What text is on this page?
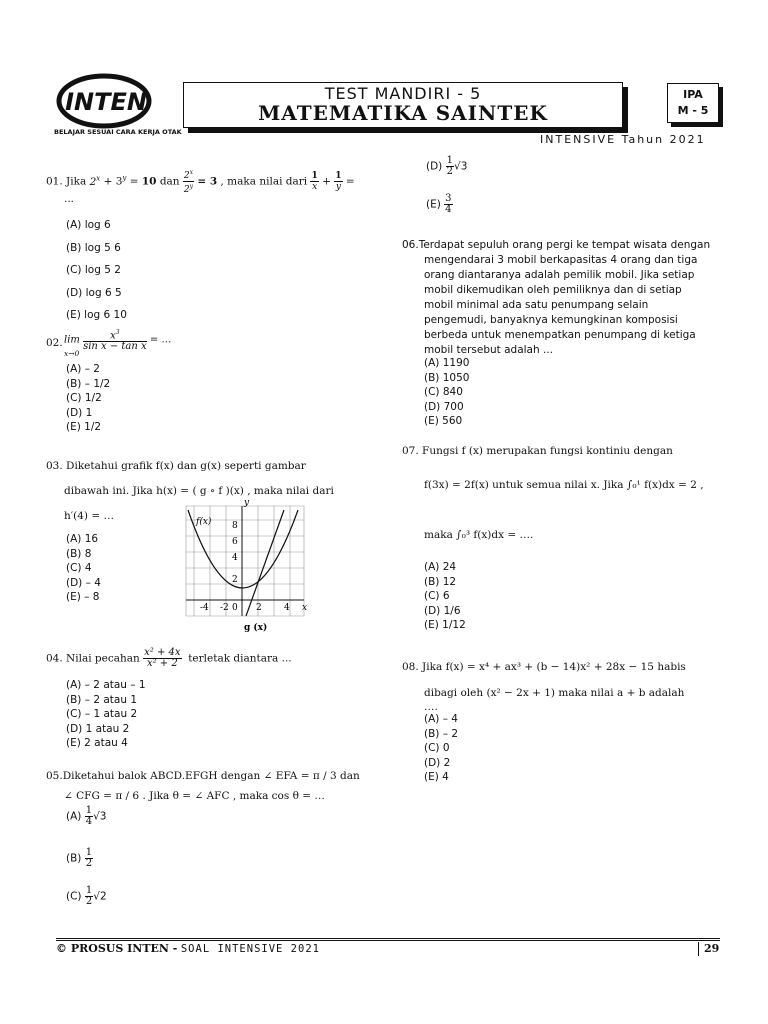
INTEN
BELAJAR SESUAI CARA KERJA OTAK
TEST MANDIRI - 5
MATEMATIKA SAINTEK
IPA
M - 5
INTENSIVE Tahun 2021
01. Jika $2^x + 3^y = 10$ dan $\frac{2^x}{2^y} = 3$ , maka nilai dari $\frac{1}{x} + \frac{1}{y}$ =
...
(A) log 6
(B) log 5 6
(C) log 5 2
(D) log 6 5
(E) log 6 10
02. $\lim \frac{x^3}{\text{sin x − tan x}}$ = …
x→0
(A) – 2
(B) – 1/2
(C) 1/2
(D) 1
(E) 1/2
03. Diketahui grafik f(x) dan g(x) seperti gambar
dibawah ini. Jika h(x) = ( g ∘ f )(x) , maka nilai dari
h′(4) = …
(A) 16
(B) 8
(C) 4
(D) – 4
(E) – 8
f(x)
y
x
8
6
4
2
-4 -2 0 2 4
g (x)
04. Nilai pecahan $\frac{\text{x² + 4x}}{\text{x² + 2}}$ terletak diantara ...
(A) – 2 atau – 1
(B) – 2 atau 1
(C) – 1 atau 2
(D) 1 atau 2
(E) 2 atau 4
05.Diketahui balok ABCD.EFGH dengan ∠ EFA = π / 3 dan
∠ CFG = π / 6 . Jika θ = ∠ AFC , maka cos θ = …
$(A) \frac{1}{4} √3$
$(B) \frac{1}{2}$
$(C) \frac{1}{2} √2$
$(D) \frac{1}{2} √3$
$(E) \frac{3}{4}$
06.Terdapat sepuluh orang pergi ke tempat wisata dengan
mengendarai 3 mobil berkapasitas 4 orang dan tiga
orang diantaranya adalah pemilik mobil. Jika setiap
mobil dikemudikan oleh pemiliknya dan di setiap
mobil minimal ada satu penumpang selain
pengemudi, banyaknya kemungkinan komposisi
berbeda untuk menempatkan penumpang di ketiga
mobil tersebut adalah ...
(A) 1190
(B) 1050
(C) 840
(D) 700
(E) 560
07. Fungsi f (x) merupakan fungsi kontiniu dengan
f(3x) = 2f(x) untuk semua nilai x. Jika ∫₀¹ f(x)dx = 2 ,
maka ∫₀³ f(x)dx = ….
(A) 24
(B) 12
(C) 6
(D) 1/6
(E) 1/12
08. Jika f(x) = x⁴ + ax³ + (b − 14)x² + 28x − 15 habis
dibagi oleh (x² − 2x + 1) maka nilai a + b adalah
….
(A) – 4
(B) – 2
(C) 0
(D) 2
(E) 4
© PROSUS INTEN - SOAL INTENSIVE 2021	29
